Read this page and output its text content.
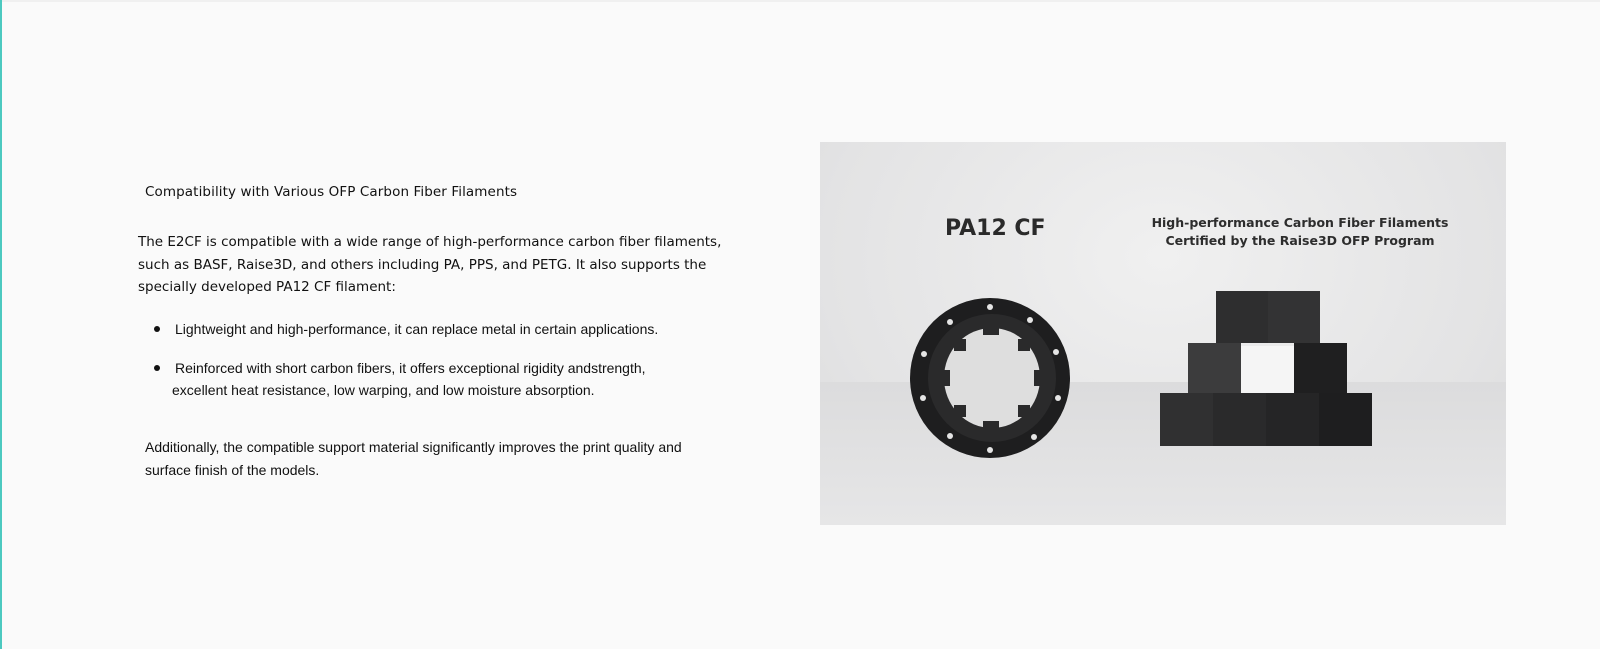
Compatibility with Various OFP Carbon Fiber Filaments
The E2CF is compatible with a wide range of high-performance carbon fiber filaments, such as BASF, Raise3D, and others including PA, PPS, and PETG. It also supports the specially developed PA12 CF filament:
Lightweight and high-performance, it can replace metal in certain applications.
Reinforced with short carbon fibers, it offers exceptional rigidity andstrength,
excellent heat resistance, low warping, and low moisture absorption.
Additionally, the compatible support material significantly improves the print quality and surface finish of the models.
PA12 CF	High-performance Carbon Fiber Filaments
Certified by the Raise3D OFP Program
